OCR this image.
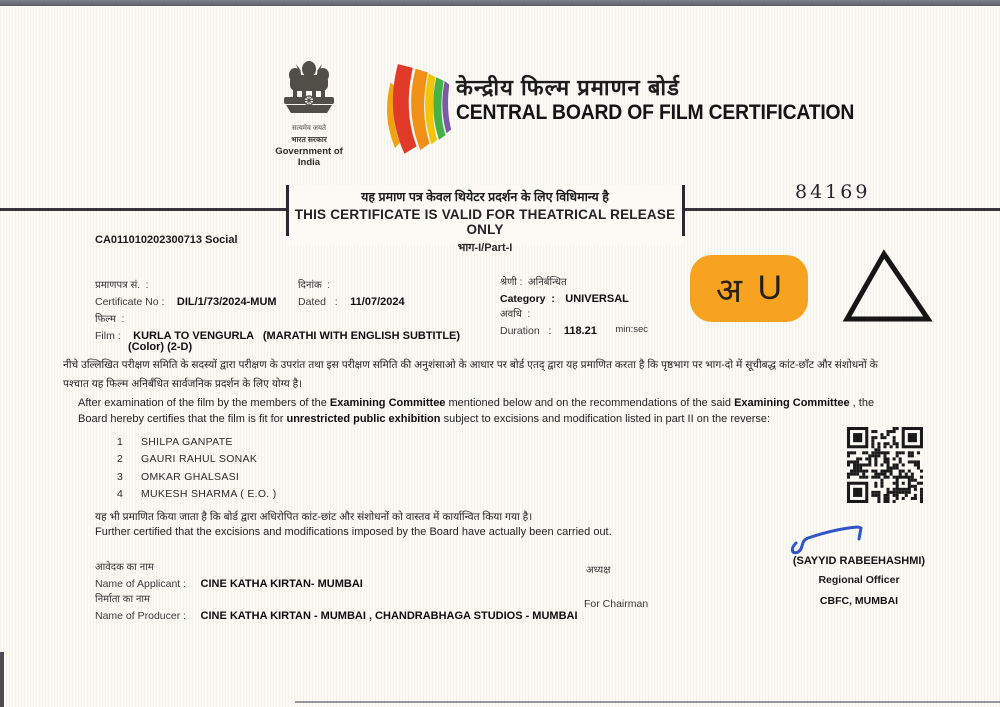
सत्यमेव जयते
भारत सरकार
Government of India
केन्द्रीय फिल्म प्रमाणन बोर्ड
CENTRAL BOARD OF FILM CERTIFICATION
84169
यह प्रमाण पत्र केवल थियेटर प्रदर्शन के लिए विधिमान्य है
THIS CERTIFICATE IS VALID FOR THEATRICAL RELEASE ONLY
भाग-I/Part-I
CA011010202300713 Social
प्रमाणपत्र सं.  :
Certificate No : DIL/1/73/2024-MUM
दिनांक  :
Dated   : 11/07/2024
श्रेणी :  अनिर्बन्धित
Category  : UNIVERSAL
फिल्म  :
Film : KURLA TO VENGURLA   (MARATHI WITH ENGLISH SUBTITLE)
(Color) (2-D)
अवधि  :
Duration   : 118.21 min:sec
अ U
नीचे उल्लिखित परीक्षण समिति के सदस्यों द्वारा परीक्षण के उपरांत तथा इस परीक्षण समिति की अनुशंसाओ के आधार पर बोर्ड एतद् द्वारा यह प्रमाणित करता है कि पृष्ठभाग पर भाग-दो में सूचीबद्ध कांट-छाँट और संशोधनों के पश्चात यह फिल्म अनिर्बंधित सार्वजनिक प्रदर्शन के लिए योग्य है।
After examination of the film by the members of the Examining Committee mentioned below and on the recommendations of the said Examining Committee , the Board hereby certifies that the film is fit for unrestricted public exhibition subject to excisions and modification listed in part II on the reverse:
1	SHILPA GANPATE
2	GAURI RAHUL SONAK
3	OMKAR GHALSASI
4	MUKESH SHARMA ( E.O. )
यह भी प्रमाणित किया जाता है कि बोर्ड द्वारा अधिरोपित कांट-छांट और संशोधनों को वास्तव में कार्यान्वित किया गया है।
Further certified that the excisions and modifications imposed by the Board have actually been carried out.
आवेदक का नाम
Name of Applicant : CINE KATHA KIRTAN- MUMBAI
निर्माता का नाम
Name of Producer : CINE KATHA KIRTAN - MUMBAI , CHANDRABHAGA STUDIOS - MUMBAI
अध्यक्ष
For Chairman
(SAYYID RABEEHASHMI)
Regional Officer
CBFC, MUMBAI
